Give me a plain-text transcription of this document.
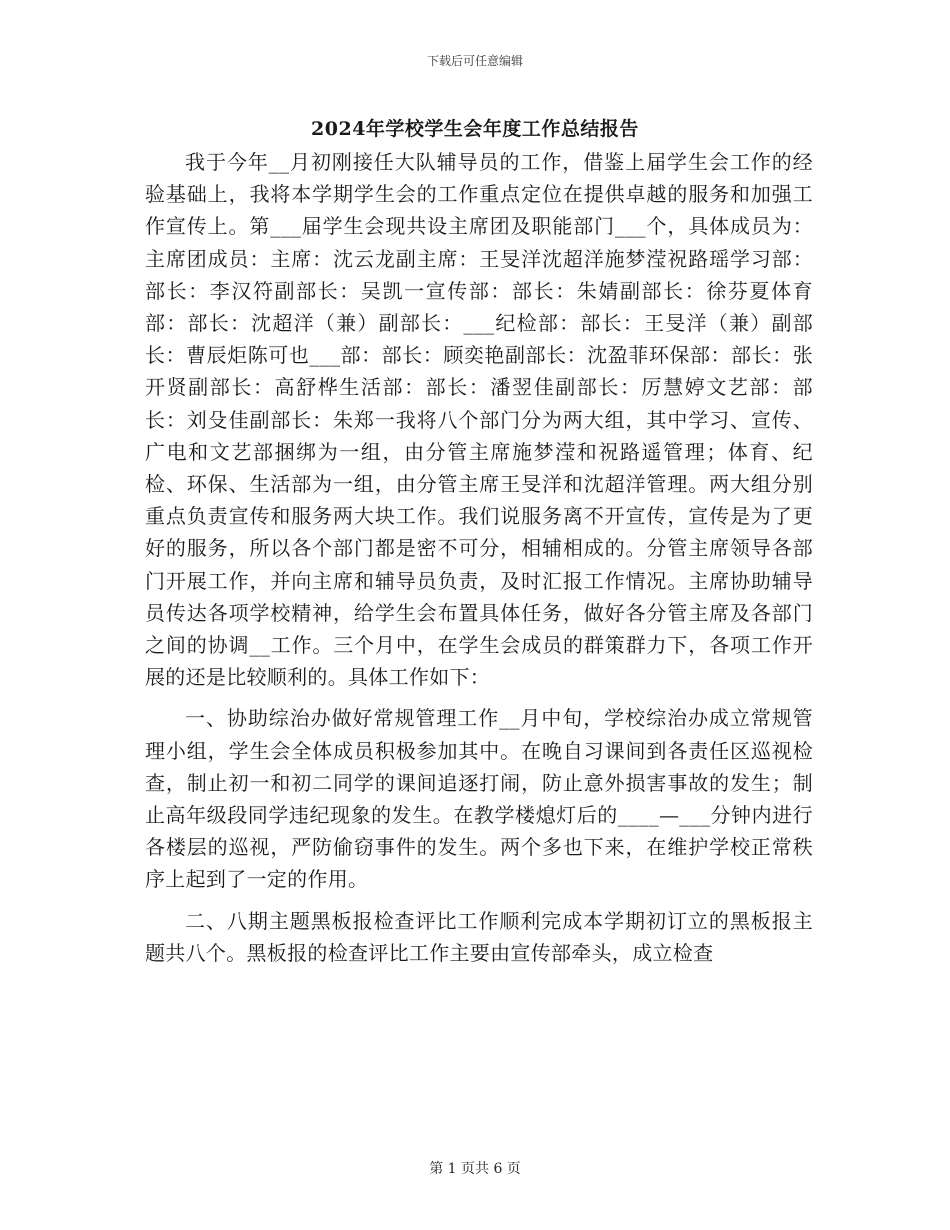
下载后可任意编辑
2024年学校学生会年度工作总结报告

我于今年__月初刚接任大队辅导员的工作，借鉴上届学生会工作的经验基础上，我将本学期学生会的工作重点定位在提供卓越的服务和加强工作宣传上。第___届学生会现共设主席团及职能部门___个，具体成员为：主席团成员：主席：沈云龙副主席：王旻洋沈超洋施梦滢祝路瑶学习部：部长：李汉符副部长：吴凯一宣传部：部长：朱婧副部长：徐芬夏体育部：部长：沈超洋（兼）副部长：___纪检部：部长：王旻洋（兼）副部长：曹辰炬陈可也___部：部长：顾奕艳副部长：沈盈菲环保部：部长：张开贤副部长：高舒桦生活部：部长：潘翌佳副部长：厉慧婷文艺部：部长：刘殳佳副部长：朱郑一我将八个部门分为两大组，其中学习、宣传、广电和文艺部捆绑为一组，由分管主席施梦滢和祝路遥管理；体育、纪检、环保、生活部为一组，由分管主席王旻洋和沈超洋管理。两大组分别重点负责宣传和服务两大块工作。我们说服务离不开宣传，宣传是为了更好的服务，所以各个部门都是密不可分，相辅相成的。分管主席领导各部门开展工作，并向主席和辅导员负责，及时汇报工作情况。主席协助辅导员传达各项学校精神，给学生会布置具体任务，做好各分管主席及各部门之间的协调__工作。三个月中，在学生会成员的群策群力下，各项工作开展的还是比较顺利的。具体工作如下：

一、协助综治办做好常规管理工作__月中旬，学校综治办成立常规管理小组，学生会全体成员积极参加其中。在晚自习课间到各责任区巡视检查，制止初一和初二同学的课间追逐打闹，防止意外损害事故的发生；制止高年级段同学违纪现象的发生。在教学楼熄灯后的____—___分钟内进行各楼层的巡视，严防偷窃事件的发生。两个多也下来，在维护学校正常秩序上起到了一定的作用。

二、八期主题黑板报检查评比工作顺利完成本学期初订立的黑板报主题共八个。黑板报的检查评比工作主要由宣传部牵头，成立检查

第 1 页共 6 页
